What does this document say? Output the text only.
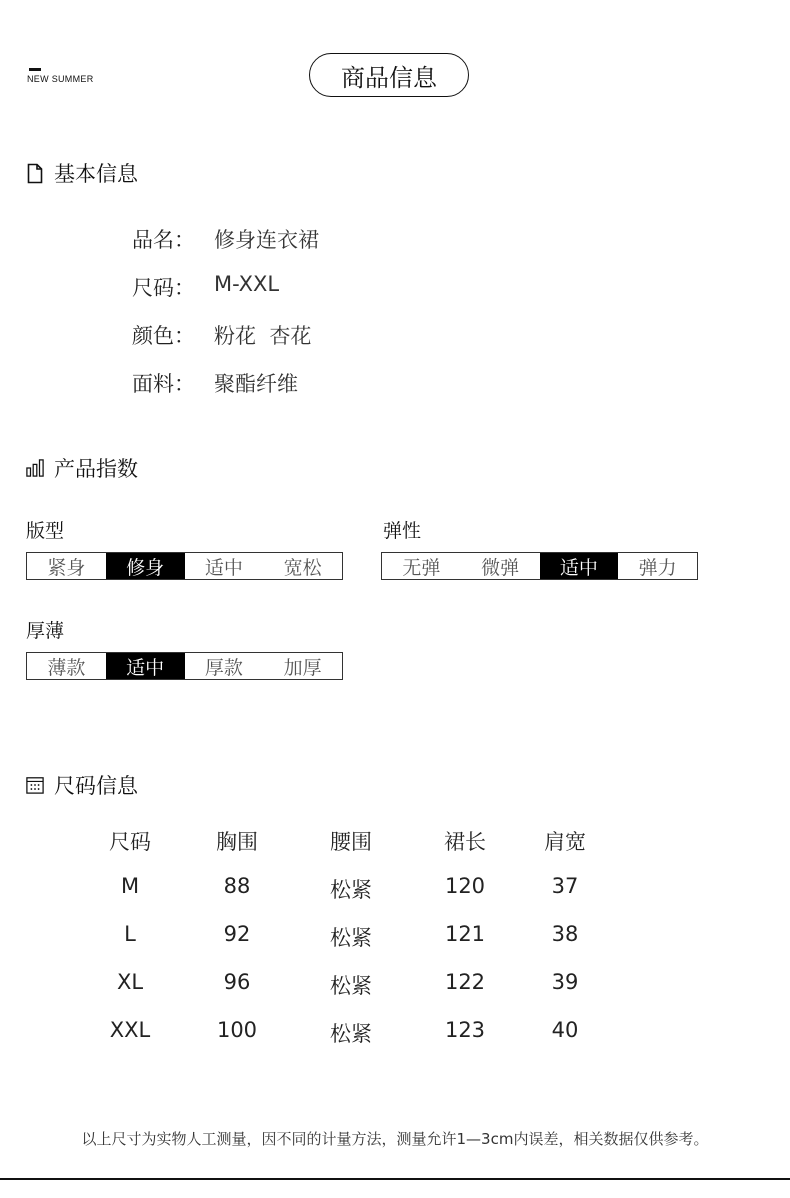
NEW SUMMER	商品信息
基本信息
品名： 修身连衣裙
尺码： M-XXL
颜色： 粉花  杏花
面料： 聚酯纤维
产品指数
版型
紧身	修身	适中	宽松
弹性
无弹	微弹	适中	弹力
厚薄
薄款	适中	厚款	加厚
尺码信息
尺码	胸围	腰围	裙长	肩宽
M	88	松紧	120	37
L	92	松紧	121	38
XL	96	松紧	122	39
XXL	100	松紧	123	40
以上尺寸为实物人工测量，因不同的计量方法，测量允许1—3cm内误差，相关数据仅供参考。
